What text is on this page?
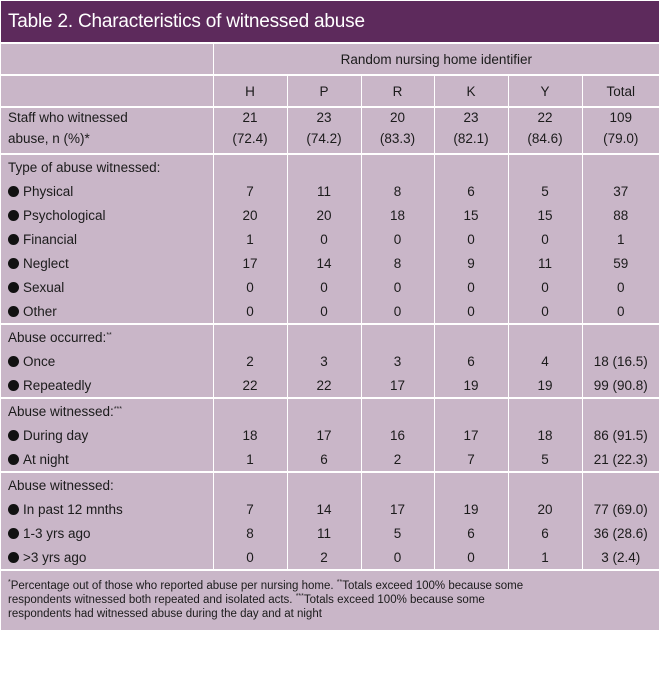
Table 2. Characteristics of witnessed abuse
	Random nursing home identifier					
	H	P	R	K	Y	Total
Staff who witnessed	21	23	20	23	22	109
abuse, n (%)*	(72.4)	(74.2)	(83.3)	(82.1)	(84.6)	(79.0)
Type of abuse witnessed:						
Physical	7	11	8	6	5	37
Psychological	20	20	18	15	15	88
Financial	1	0	0	0	0	1
Neglect	17	14	8	9	11	59
Sexual	0	0	0	0	0	0
Other	0	0	0	0	0	0
Abuse occurred:**						
Once	2	3	3	6	4	18 (16.5)
Repeatedly	22	22	17	19	19	99 (90.8)
Abuse witnessed:***						
During day	18	17	16	17	18	86 (91.5)
At night	1	6	2	7	5	21 (22.3)
Abuse witnessed:						
In past 12 mnths	7	14	17	19	20	77 (69.0)
1-3 yrs ago	8	11	5	6	6	36 (28.6)
>3 yrs ago	0	2	0	0	1	3 (2.4)
*Percentage out of those who reported abuse per nursing home. **Totals exceed 100% because some
respondents witnessed both repeated and isolated acts. ***Totals exceed 100% because some
respondents had witnessed abuse during the day and at night
